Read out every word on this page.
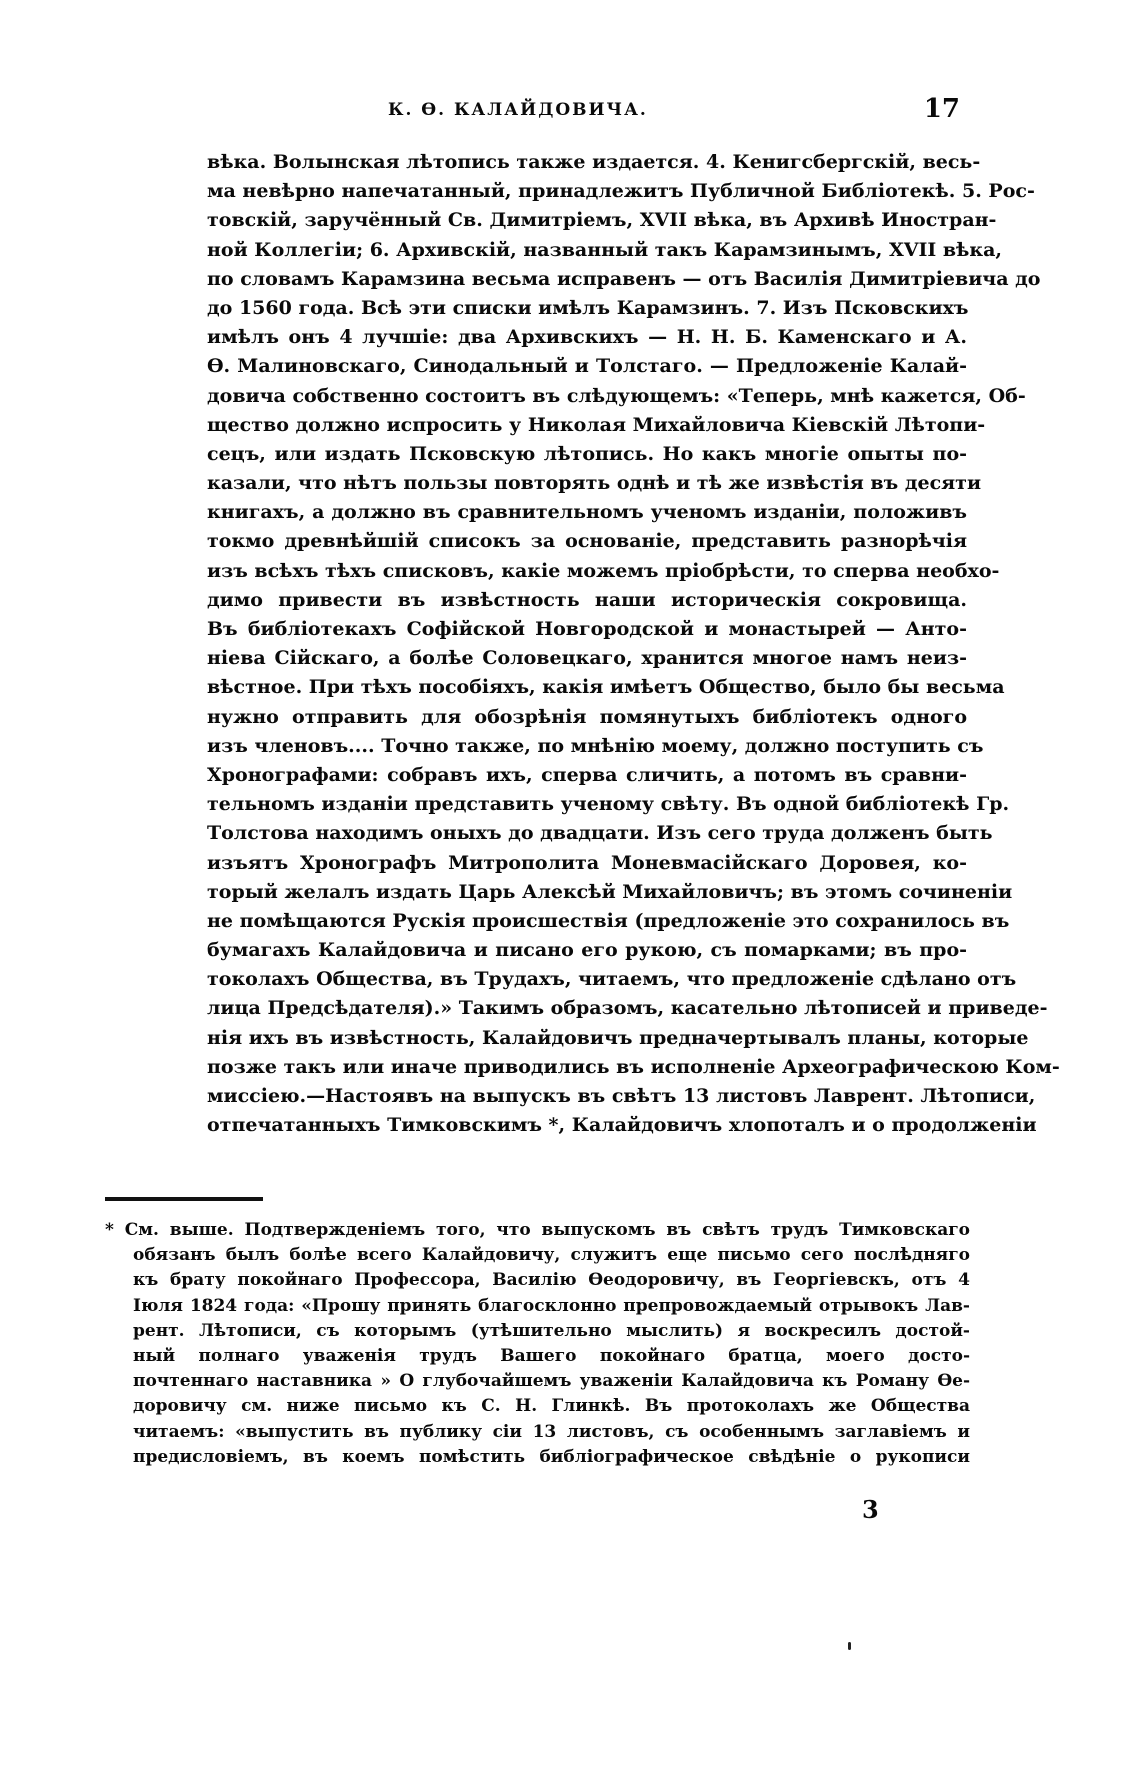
К. Ѳ. КАЛАЙДОВИЧА.	17
вѣка. Волынская лѣтопись также издается. 4. Кенигсбергскій, весь-
ма невѣрно напечатанный, принадлежитъ Публичной Библіотекѣ. 5. Рос-
товскій, заручённый Св. Димитріемъ, XVII вѣка, въ Архивѣ Иностран-
ной Коллегіи; 6. Архивскій, названный такъ Карамзинымъ, XVII вѣка,
по словамъ Карамзина весьма исправенъ — отъ Василія Димитріевича до
до 1560 года. Всѣ эти списки имѣлъ Карамзинъ. 7. Изъ Псковскихъ
имѣлъ онъ 4 лучшіе: два Архивскихъ — Н. Н. Б. Каменскаго и А.
Ѳ. Малиновскаго, Синодальный и Толстаго. — Предложеніе Калай-
довича собственно состоитъ въ слѣдующемъ: «Теперь, мнѣ кажется, Об-
щество должно испросить у Николая Михайловича Кіевскій Лѣтопи-
сецъ, или издать Псковскую лѣтопись. Но какъ многіе опыты по-
казали, что нѣтъ пользы повторять однѣ и тѣ же извѣстія въ десяти
книгахъ, а должно въ сравнительномъ ученомъ изданіи, положивъ
токмо древнѣйшій списокъ за основаніе, представить разнорѣчія
изъ всѣхъ тѣхъ списковъ, какіе можемъ пріобрѣсти, то сперва необхо-
димо привести въ извѣстность наши историческія сокровища.
Въ библіотекахъ Софійской Новгородской и монастырей — Анто-
ніева Сійскаго, а болѣе Соловецкаго, хранится многое намъ неиз-
вѣстное. При тѣхъ пособіяхъ, какія имѣетъ Общество, было бы весьма
нужно отправить для обозрѣнія помянутыхъ библіотекъ одного
изъ членовъ.... Точно также, по мнѣнію моему, должно поступить съ
Хронографами: собравъ ихъ, сперва сличить, а потомъ въ сравни-
тельномъ изданіи представить ученому свѣту. Въ одной библіотекѣ Гр.
Толстова находимъ оныхъ до двадцати. Изъ сего труда долженъ быть
изъятъ Хронографъ Митрополита Моневмасійскаго Доровея, ко-
торый желалъ издать Царь Алексѣй Михайловичъ; въ этомъ сочиненіи
не помѣщаются Рускія происшествія (предложеніе это сохранилось въ
бумагахъ Калайдовича и писано его рукою, съ помарками; въ про-
токолахъ Общества, въ Трудахъ, читаемъ, что предложеніе сдѣлано отъ
лица Предсѣдателя).» Такимъ образомъ, касательно лѣтописей и приведе-
нія ихъ въ извѣстность, Калайдовичъ предначертывалъ планы, которые
позже такъ или иначе приводились въ исполненіе Археографическою Ком-
миссіею.—Настоявъ на выпускъ въ свѣтъ 13 листовъ Лаврент. Лѣтописи,
отпечатанныхъ Тимковскимъ *, Калайдовичъ хлопоталъ и о продолженіи
* См. выше. Подтвержденіемъ того, что выпускомъ въ свѣтъ трудъ Тимковскаго
обязанъ былъ болѣе всего Калайдовичу, служитъ еще письмо сего послѣдняго
къ брату покойнаго Профессора, Василію Ѳеодоровичу, въ Георгіевскъ, отъ 4
Іюля 1824 года: «Прошу принять благосклонно препровождаемый отрывокъ Лав-
рент. Лѣтописи, съ которымъ (утѣшительно мыслить) я воскресилъ достой-
ный полнаго уваженія трудъ Вашего покойнаго братца, моего досто-
почтеннаго наставника » О глубочайшемъ уваженіи Калайдовича къ Роману Ѳе-
доровичу см. ниже письмо къ С. Н. Глинкѣ. Въ протоколахъ же Общества
читаемъ: «выпустить въ публику сіи 13 листовъ, съ особеннымъ заглавіемъ и
предисловіемъ, въ коемъ помѣстить библіографическое свѣдѣніе о рукописи
3
